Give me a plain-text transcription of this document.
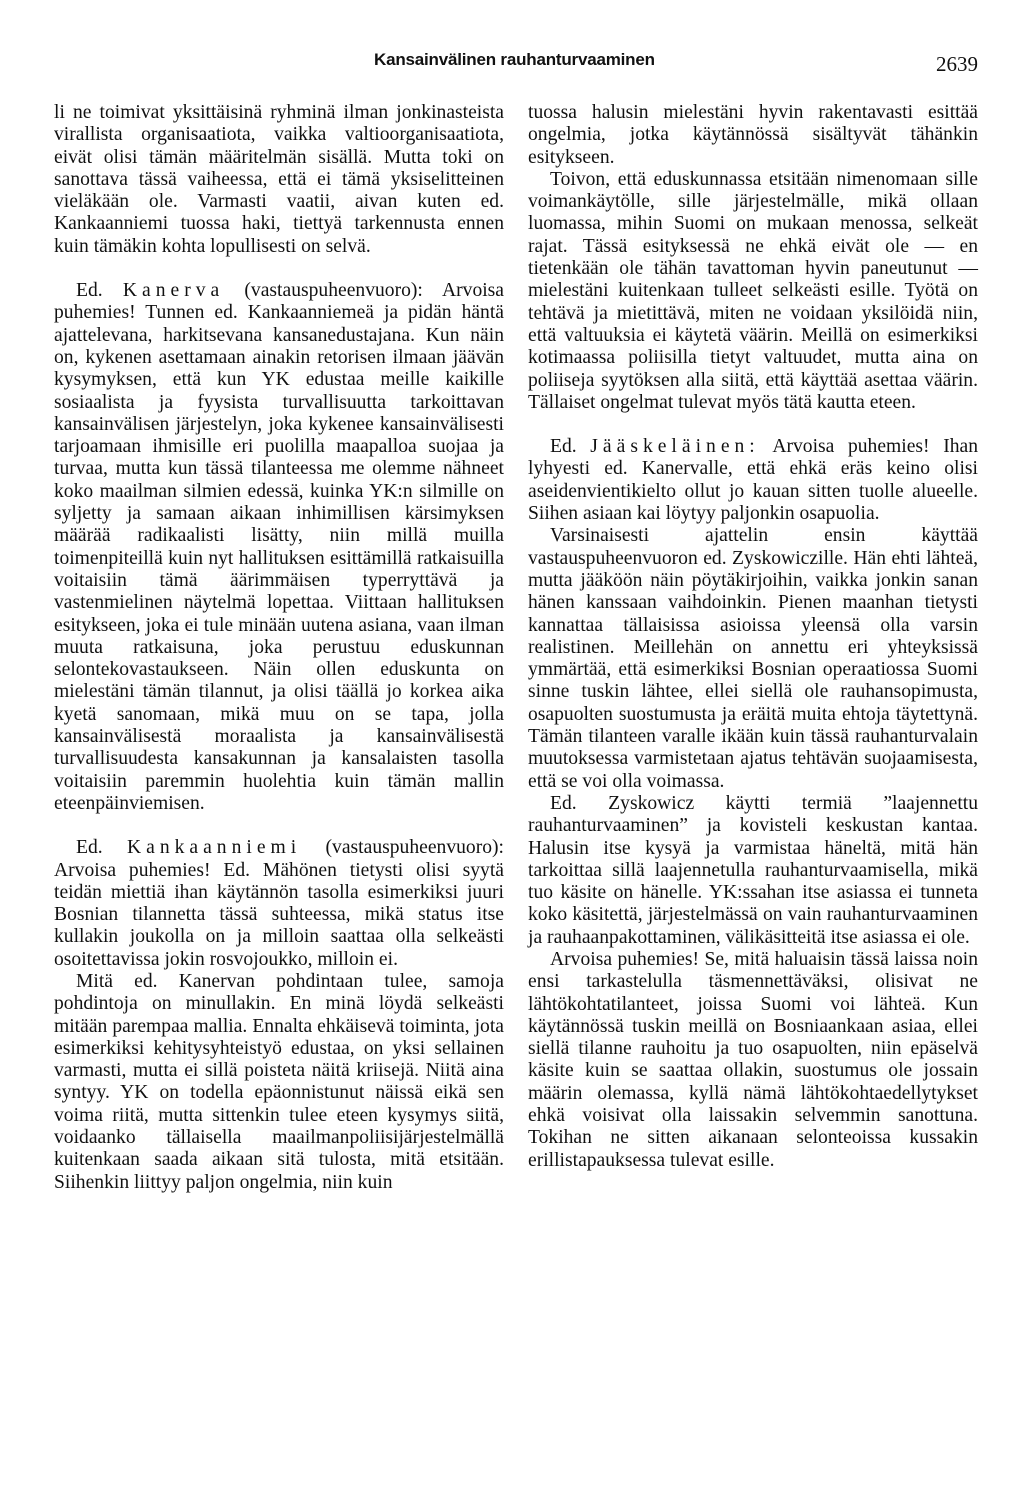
Kansainvälinen rauhanturvaaminen	2639

li ne toimivat yksittäisinä ryhminä ilman jonkinasteista virallista organisaatiota, vaikka valtioorganisaatiota, eivät olisi tämän määritelmän sisällä. Mutta toki on sanottava tässä vaiheessa, että ei tämä yksiselitteinen vieläkään ole. Varmasti vaatii, aivan kuten ed. Kankaanniemi tuossa haki, tiettyä tarkennusta ennen kuin tämäkin kohta lopullisesti on selvä.

Ed. Kanerva (vastauspuheenvuoro): Arvoisa puhemies! Tunnen ed. Kankaanniemeä ja pidän häntä ajattelevana, harkitsevana kansanedustajana. Kun näin on, kykenen asettamaan ainakin retorisen ilmaan jäävän kysymyksen, että kun YK edustaa meille kaikille sosiaalista ja fyysista turvallisuutta tarkoittavan kansainvälisen järjestelyn, joka kykenee kansainvälisesti tarjoamaan ihmisille eri puolilla maapalloa suojaa ja turvaa, mutta kun tässä tilanteessa me olemme nähneet koko maailman silmien edessä, kuinka YK:n silmille on syljetty ja samaan aikaan inhimillisen kärsimyksen määrää radikaalisti lisätty, niin millä muilla toimenpiteillä kuin nyt hallituksen esittämillä ratkaisuilla voitaisiin tämä äärimmäisen typerryttävä ja vastenmielinen näytelmä lopettaa. Viittaan hallituksen esitykseen, joka ei tule minään uutena asiana, vaan ilman muuta ratkaisuna, joka perustuu eduskunnan selontekovastaukseen. Näin ollen eduskunta on mielestäni tämän tilannut, ja olisi täällä jo korkea aika kyetä sanomaan, mikä muu on se tapa, jolla kansainvälisestä moraalista ja kansainvälisestä turvallisuudesta kansakunnan ja kansalaisten tasolla voitaisiin paremmin huolehtia kuin tämän mallin eteenpäinviemisen.

Ed. Kankaanniemi (vastauspuheenvuoro): Arvoisa puhemies! Ed. Mähönen tietysti olisi syytä teidän miettiä ihan käytännön tasolla esimerkiksi juuri Bosnian tilannetta tässä suhteessa, mikä status itse kullakin joukolla on ja milloin saattaa olla selkeästi osoitettavissa jokin rosvojoukko, milloin ei.

Mitä ed. Kanervan pohdintaan tulee, samoja pohdintoja on minullakin. En minä löydä selkeästi mitään parempaa mallia. Ennalta ehkäisevä toiminta, jota esimerkiksi kehitysyhteistyö edustaa, on yksi sellainen varmasti, mutta ei sillä poisteta näitä kriisejä. Niitä aina syntyy. YK on todella epäonnistunut näissä eikä sen voima riitä, mutta sittenkin tulee eteen kysymys siitä, voidaanko tällaisella maailmanpoliisijärjestelmällä kuitenkaan saada aikaan sitä tulosta, mitä etsitään. Siihenkin liittyy paljon ongelmia, niin kuin

tuossa halusin mielestäni hyvin rakentavasti esittää ongelmia, jotka käytännössä sisältyvät tähänkin esitykseen.

Toivon, että eduskunnassa etsitään nimenomaan sille voimankäytölle, sille järjestelmälle, mikä ollaan luomassa, mihin Suomi on mukaan menossa, selkeät rajat. Tässä esityksessä ne ehkä eivät ole — en tietenkään ole tähän tavattoman hyvin paneutunut — mielestäni kuitenkaan tulleet selkeästi esille. Työtä on tehtävä ja mietittävä, miten ne voidaan yksilöidä niin, että valtuuksia ei käytetä väärin. Meillä on esimerkiksi kotimaassa poliisilla tietyt valtuudet, mutta aina on poliiseja syytöksen alla siitä, että käyttää asettaa väärin. Tällaiset ongelmat tulevat myös tätä kautta eteen.

Ed. Jääskeläinen: Arvoisa puhemies! Ihan lyhyesti ed. Kanervalle, että ehkä eräs keino olisi aseidenvientikielto ollut jo kauan sitten tuolle alueelle. Siihen asiaan kai löytyy paljonkin osapuolia.

Varsinaisesti ajattelin ensin käyttää vastauspuheenvuoron ed. Zyskowiczille. Hän ehti lähteä, mutta jääköön näin pöytäkirjoihin, vaikka jonkin sanan hänen kanssaan vaihdoinkin. Pienen maanhan tietysti kannattaa tällaisissa asioissa yleensä olla varsin realistinen. Meillehän on annettu eri yhteyksissä ymmärtää, että esimerkiksi Bosnian operaatiossa Suomi sinne tuskin lähtee, ellei siellä ole rauhansopimusta, osapuolten suostumusta ja eräitä muita ehtoja täytettynä. Tämän tilanteen varalle ikään kuin tässä rauhanturvalain muutoksessa varmistetaan ajatus tehtävän suojaamisesta, että se voi olla voimassa.

Ed. Zyskowicz käytti termiä ”laajennettu rauhanturvaaminen” ja kovisteli keskustan kantaa. Halusin itse kysyä ja varmistaa häneltä, mitä hän tarkoittaa sillä laajennetulla rauhanturvaamisella, mikä tuo käsite on hänelle. YK:ssahan itse asiassa ei tunneta koko käsitettä, järjestelmässä on vain rauhanturvaaminen ja rauhaanpakottaminen, välikäsitteitä itse asiassa ei ole.

Arvoisa puhemies! Se, mitä haluaisin tässä laissa noin ensi tarkastelulla täsmennettäväksi, olisivat ne lähtökohtatilanteet, joissa Suomi voi lähteä. Kun käytännössä tuskin meillä on Bosniaankaan asiaa, ellei siellä tilanne rauhoitu ja tuo osapuolten, niin epäselvä käsite kuin se saattaa ollakin, suostumus ole jossain määrin olemassa, kyllä nämä lähtökohtaedellytykset ehkä voisivat olla laissakin selvemmin sanottuna. Tokihan ne sitten aikanaan selonteoissa kussakin erillistapauksessa tulevat esille.
